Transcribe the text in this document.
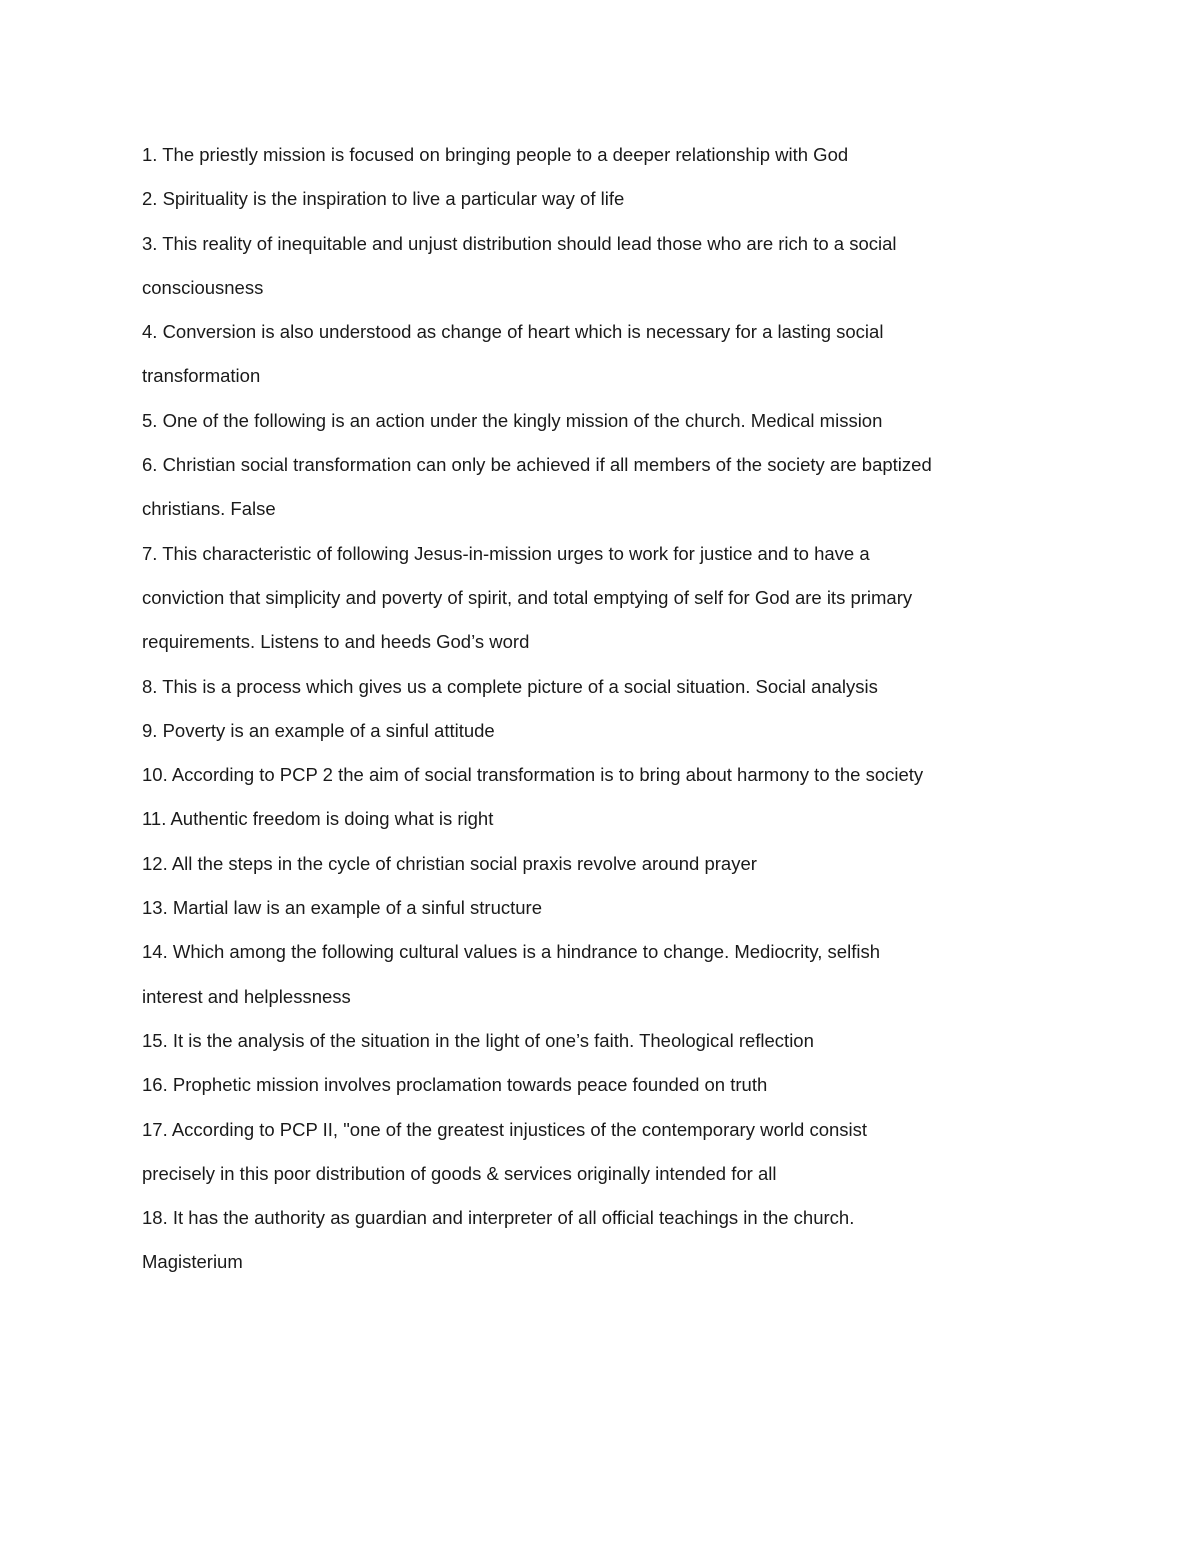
1. The priestly mission is focused on bringing people to a deeper relationship with God

2. Spirituality is the inspiration to live a particular way of life

3. This reality of inequitable and unjust distribution should lead those who are rich to a social consciousness

4. Conversion is also understood as change of heart which is necessary for a lasting social transformation

5. One of the following is an action under the kingly mission of the church. Medical mission

6. Christian social transformation can only be achieved if all members of the society are baptized christians. False

7. This characteristic of following Jesus-in-mission urges to work for justice and to have a conviction that simplicity and poverty of spirit, and total emptying of self for God are its primary requirements. Listens to and heeds God’s word

8. This is a process which gives us a complete picture of a social situation. Social analysis

9. Poverty is an example of a sinful attitude

10. According to PCP 2 the aim of social transformation is to bring about harmony to the society

11. Authentic freedom is doing what is right

12. All the steps in the cycle of christian social praxis revolve around prayer

13. Martial law is an example of a sinful structure

14. Which among the following cultural values is a hindrance to change. Mediocrity, selfish interest and helplessness

15. It is the analysis of the situation in the light of one’s faith. Theological reflection

16. Prophetic mission involves proclamation towards peace founded on truth

17. According to PCP II, "one of the greatest injustices of the contemporary world consist precisely in this poor distribution of goods & services originally intended for all

18. It has the authority as guardian and interpreter of all official teachings in the church. Magisterium
